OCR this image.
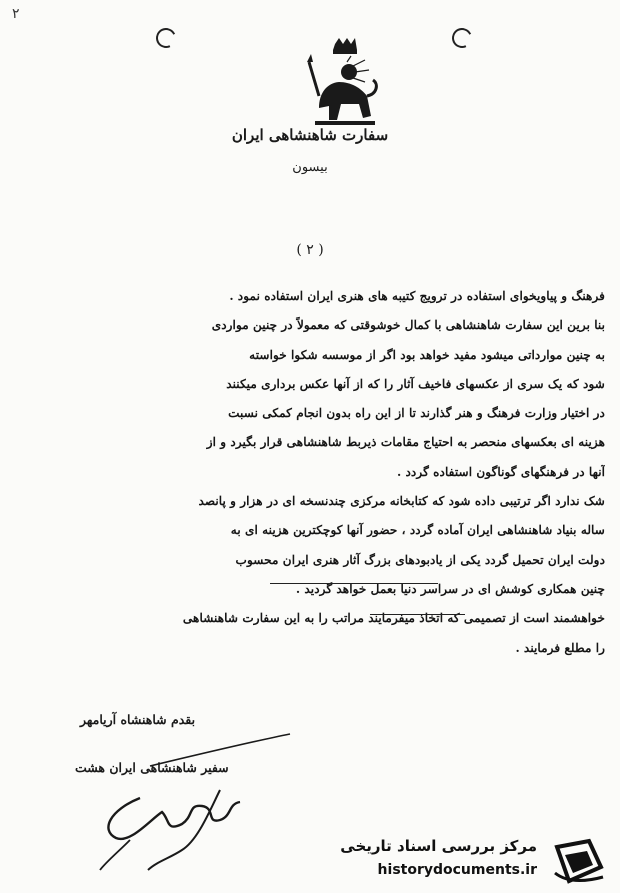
٢
سفارت شاهنشاهی ایران
بیسون
( ٢ )
فرهنگ و پیاویخوای استفاده در ترویج کتیبه های هنری ایران استفاده نمود .
بنا برین این سفارت شاهنشاهی با کمال خوشوقتی که معمولاً در چنین مواردی
به چنین موارداتی میشود مفید خواهد بود اگر از موسسه شکوا خواسته
شود که یک سری از عکسهای فاخیف آثار را که از آنها عکس برداری میکنند
در اختیار وزارت فرهنگ و هنر گذارند تا از این راه بدون انجام کمکی نسبت
هزینه ای بعکسهای منحصر به احتیاج مقامات ذیربط شاهنشاهی قرار بگیرد و از
آنها در فرهنگهای گوناگون استفاده گردد .
شک ندارد اگر ترتیبی داده شود که کتابخانه مرکزی چندنسخه ای در هزار و پانصد
ساله بنیاد شاهنشاهی ایران آماده گردد ، حضور آنها کوچکترین هزینه ای به
دولت ایران تحمیل گردد یکی از یادبودهای بزرگ آثار هنری ایران محسوب
چنین همکاری کوشش ای در سراسر دنیا بعمل خواهد گردید .
خواهشمند است از تصمیمی که اتخاذ میفرمایند مراتب را به این سفارت شاهنشاهی
را مطلع فرمایند .
بقدم شاهنشاه آریامهر
سفیر شاهنشاهی ایران هشت
مرکز بررسی اسناد تاریخی
historydocuments.ir
